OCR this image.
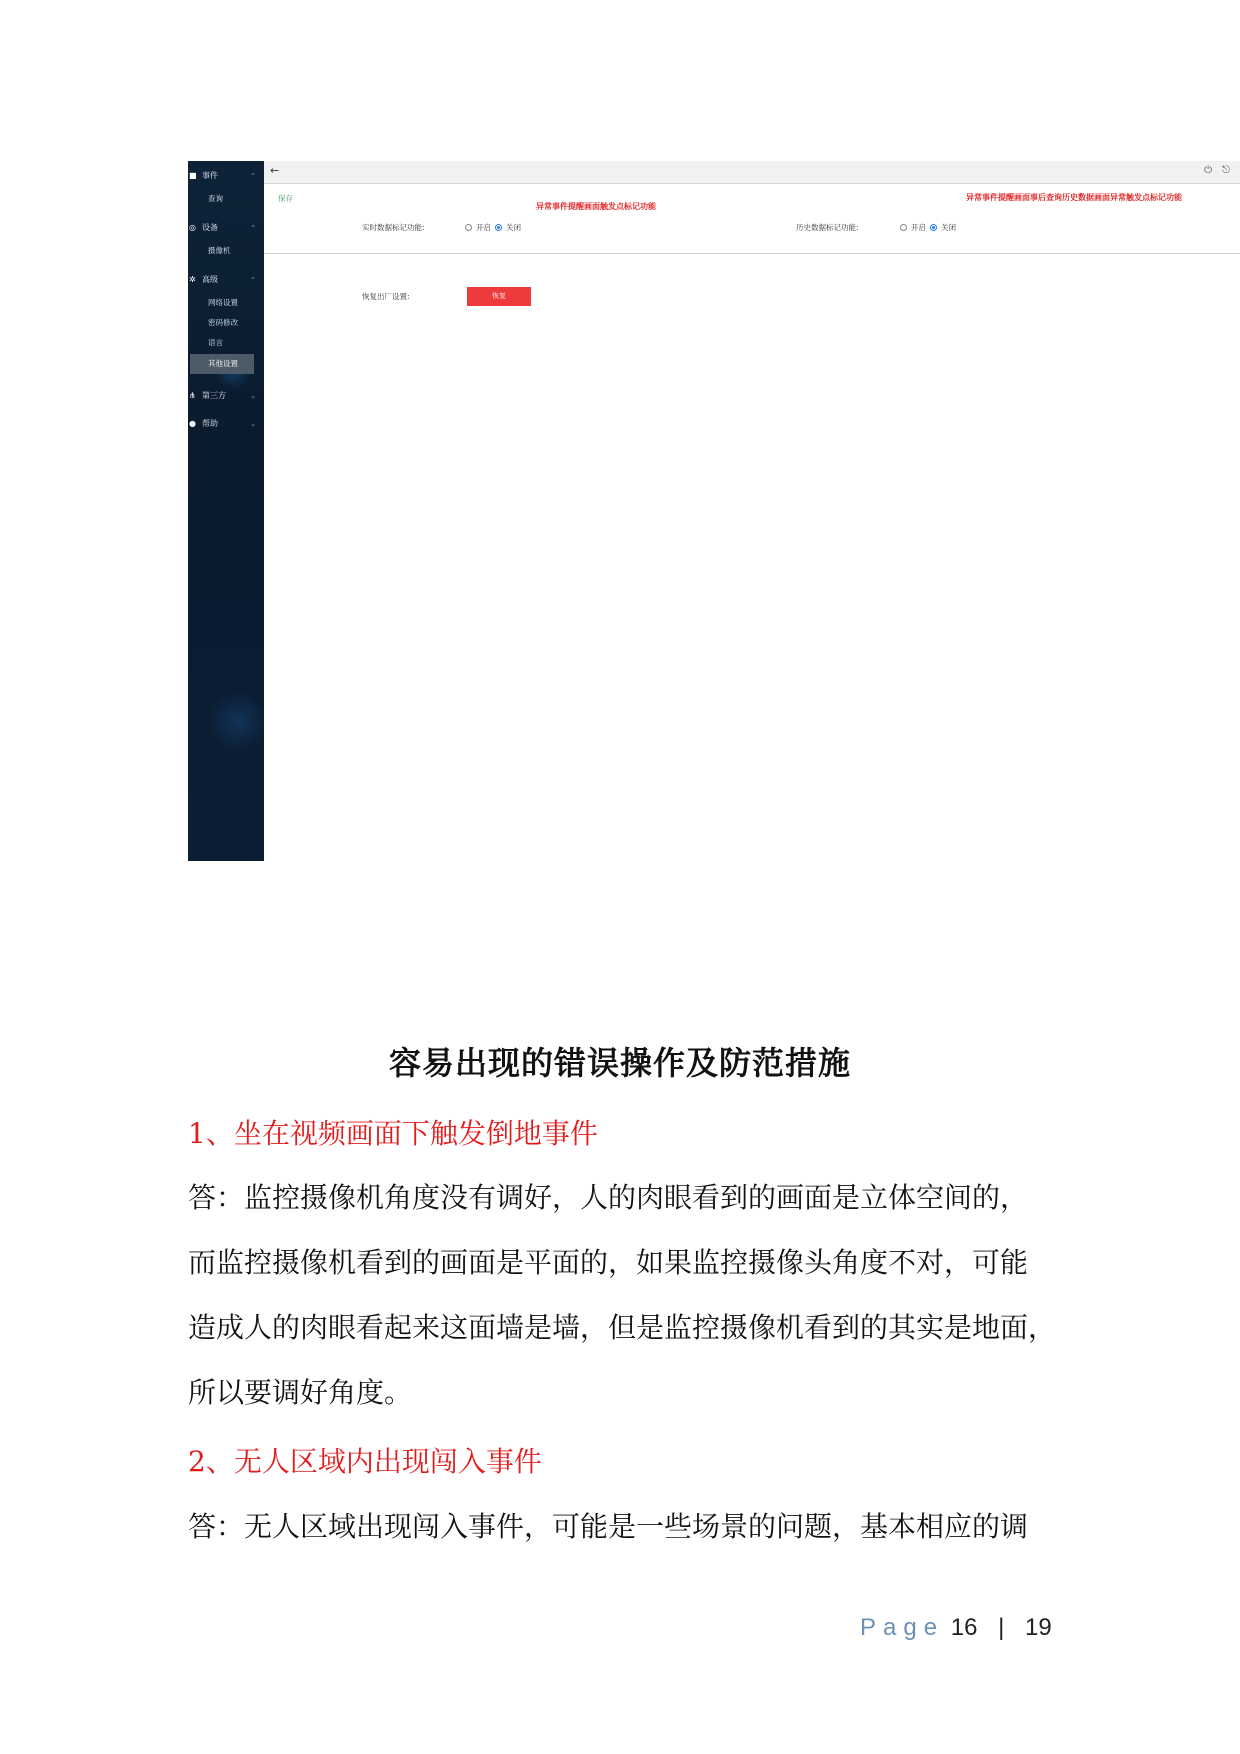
■ 事件	⌃
查询
◎ 设备	⌃
摄像机
✲ 高级	⌃
网络设置
密码修改
语言
其他设置
⋔ 第三方	⌄
● 帮助	⌄
←	⏻ ⎋
保存
异常事件提醒画面触发点标记功能
异常事件提醒画面事后查询历史数据画面异常触发点标记功能
实时数据标记功能:	开启 关闭	历史数据标记功能:	开启 关闭
恢复出厂设置:	恢复
容易出现的错误操作及防范措施

1、坐在视频画面下触发倒地事件

答：监控摄像机角度没有调好，人的肉眼看到的画面是立体空间的，

而监控摄像机看到的画面是平面的，如果监控摄像头角度不对，可能

造成人的肉眼看起来这面墙是墙，但是监控摄像机看到的其实是地面，

所以要调好角度。

2、无人区域内出现闯入事件

答：无人区域出现闯入事件，可能是一些场景的问题，基本相应的调

Page 16 | 19
